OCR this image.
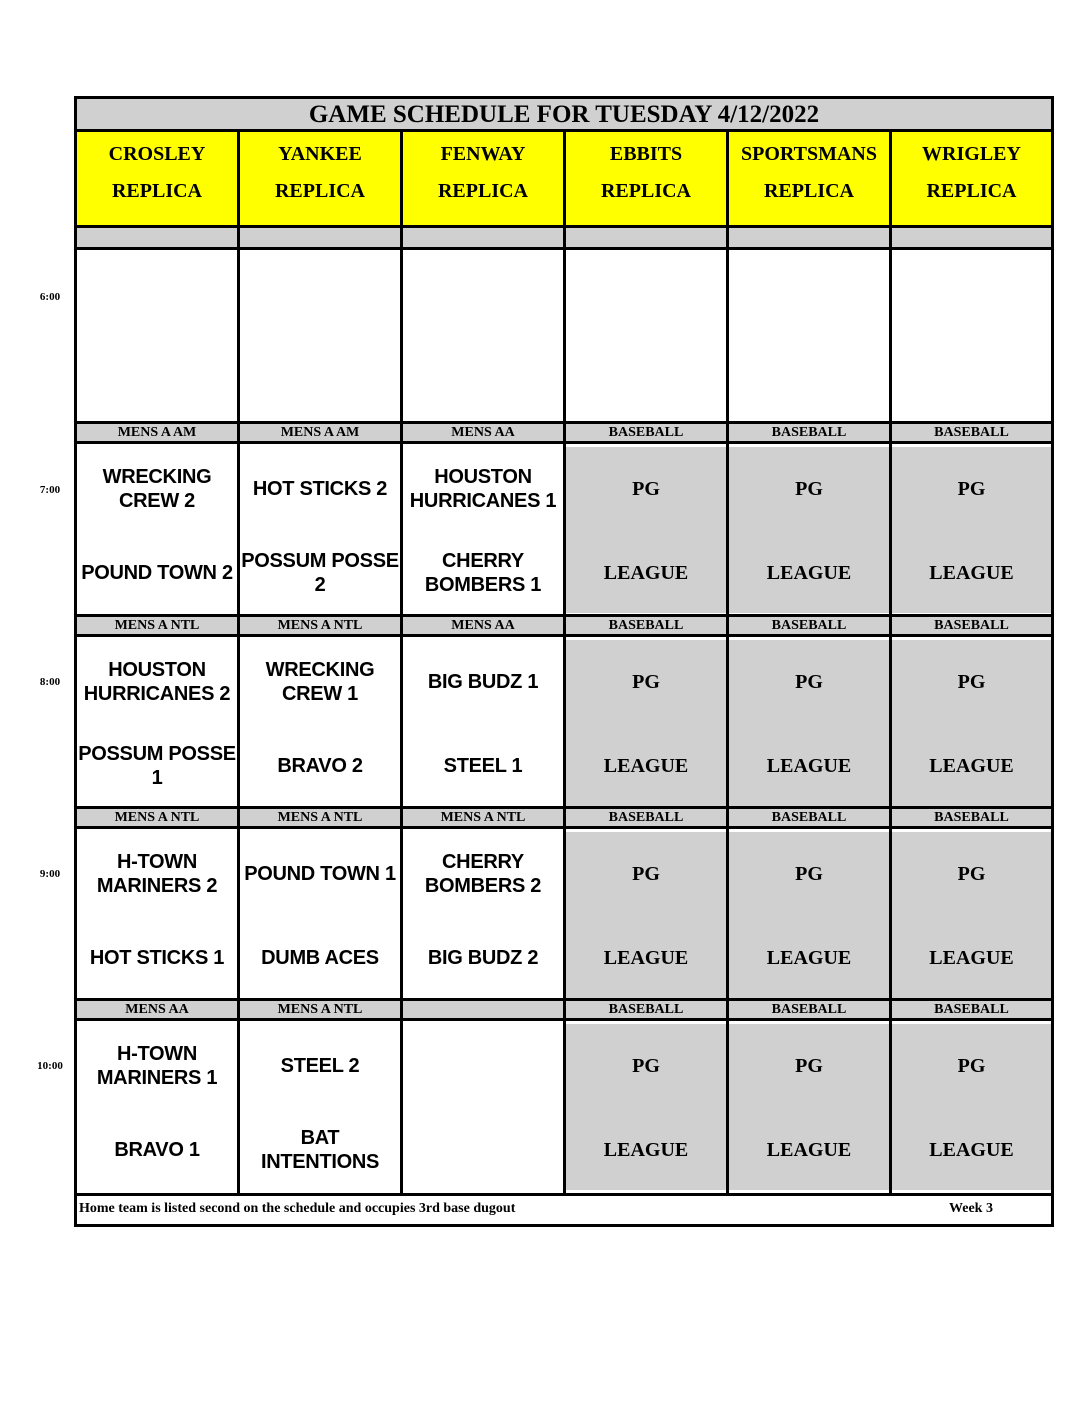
GAME SCHEDULE FOR TUESDAY 4/12/2022
CROSLEY
REPLICA
YANKEE
REPLICA
FENWAY
REPLICA
EBBITS
REPLICA
SPORTSMANS
REPLICA
WRIGLEY
REPLICA
MENS A AM
WRECKING CREW 2
POUND TOWN 2
MENS A AM
HOT STICKS 2
POSSUM POSSE 2
MENS AA
HOUSTON HURRICANES 1
CHERRY BOMBERS 1
BASEBALL
PG
LEAGUE
BASEBALL
PG
LEAGUE
BASEBALL
PG
LEAGUE
MENS A NTL
HOUSTON HURRICANES 2
POSSUM POSSE 1
MENS A NTL
WRECKING CREW 1
BRAVO 2
MENS AA
BIG BUDZ 1
STEEL 1
BASEBALL
PG
LEAGUE
BASEBALL
PG
LEAGUE
BASEBALL
PG
LEAGUE
MENS A NTL
H-TOWN MARINERS 2
HOT STICKS 1
MENS A NTL
POUND TOWN 1
DUMB ACES
MENS A NTL
CHERRY BOMBERS 2
BIG BUDZ 2
BASEBALL
PG
LEAGUE
BASEBALL
PG
LEAGUE
BASEBALL
PG
LEAGUE
MENS AA
H-TOWN MARINERS 1
BRAVO 1
MENS A NTL
STEEL 2
BAT INTENTIONS
BASEBALL
PG
LEAGUE
BASEBALL
PG
LEAGUE
BASEBALL
PG
LEAGUE
Home team is listed second on the schedule and occupies 3rd base dugout	Week 3
6:00
7:00
8:00
9:00
10:00
